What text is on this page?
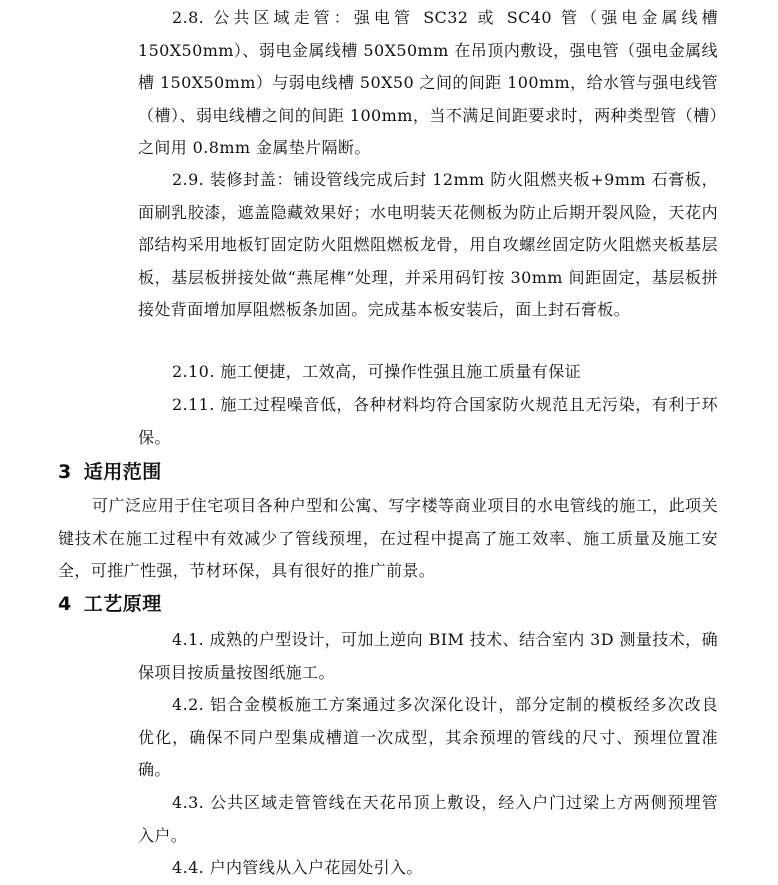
2.8. 公共区域走管：强电管 SC32 或 SC40 管（强电金属线槽 150X50mm）、弱电金属线槽 50X50mm 在吊顶内敷设，强电管（强电金属线槽 150X50mm）与弱电线槽 50X50 之间的间距 100mm，给水管与强电线管（槽）、弱电线槽之间的间距 100mm，当不满足间距要求时，两种类型管（槽）之间用 0.8mm 金属垫片隔断。

2.9. 装修封盖：铺设管线完成后封 12mm 防火阻燃夹板+9mm 石膏板，面刷乳胶漆，遮盖隐藏效果好；水电明装天花侧板为防止后期开裂风险，天花内部结构采用地板钉固定防火阻燃阻燃板龙骨，用自攻螺丝固定防火阻燃夹板基层板，基层板拼接处做“燕尾榫”处理，并采用码钉按 30mm 间距固定，基层板拼接处背面增加厚阻燃板条加固。完成基本板安装后，面上封石膏板。

2.10. 施工便捷，工效高，可操作性强且施工质量有保证

2.11. 施工过程噪音低，各种材料均符合国家防火规范且无污染，有利于环保。

3 适用范围

可广泛应用于住宅项目各种户型和公寓、写字楼等商业项目的水电管线的施工，此项关键技术在施工过程中有效减少了管线预埋，在过程中提高了施工效率、施工质量及施工安全，可推广性强，节材环保，具有很好的推广前景。

4 工艺原理

4.1. 成熟的户型设计，可加上逆向 BIM 技术、结合室内 3D 测量技术，确保项目按质量按图纸施工。

4.2. 铝合金模板施工方案通过多次深化设计，部分定制的模板经多次改良优化，确保不同户型集成槽道一次成型，其余预埋的管线的尺寸、预埋位置准确。

4.3. 公共区域走管管线在天花吊顶上敷设，经入户门过梁上方两侧预埋管入户。

4.4. 户内管线从入户花园处引入。
